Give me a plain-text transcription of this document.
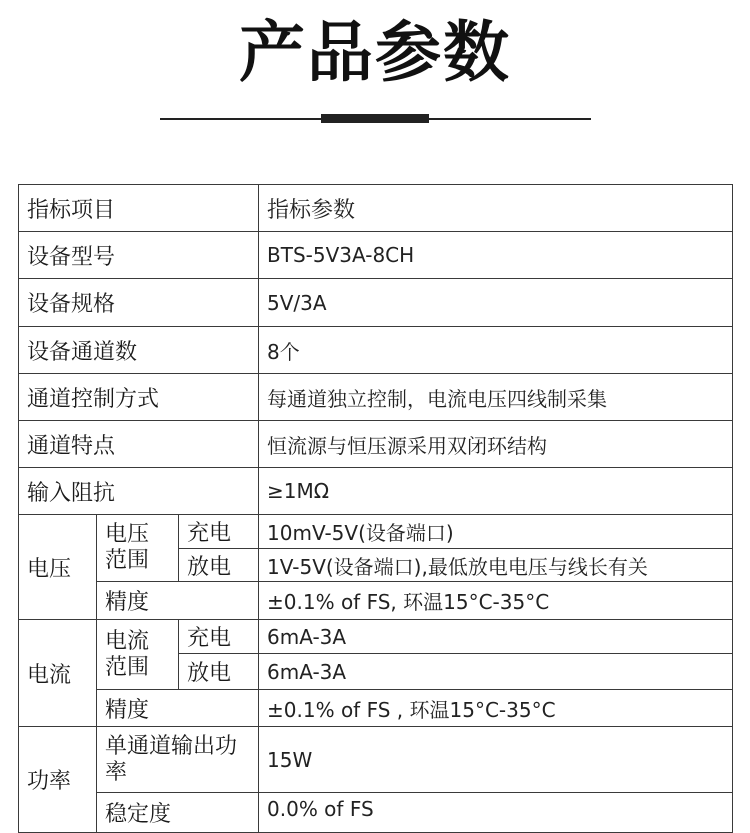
产品参数
指标项目			指标参数
设备型号			BTS-5V3A-8CH
设备规格			5V/3A
设备通道数			8个
通道控制方式			每通道独立控制，电流电压四线制采集
通道特点			恒流源与恒压源采用双闭环结构
输入阻抗			≥1MΩ
电压	电压范围	充电	10mV-5V(设备端口)
		放电	1V-5V(设备端口),最低放电电压与线长有关
	精度		±0.1% of FS, 环温15°C-35°C
电流	电流范围	充电	6mA-3A
		放电	6mA-3A
	精度		±0.1% of FS , 环温15°C-35°C
功率	单通道输出功率		15W
	稳定度		0.0% of FS
